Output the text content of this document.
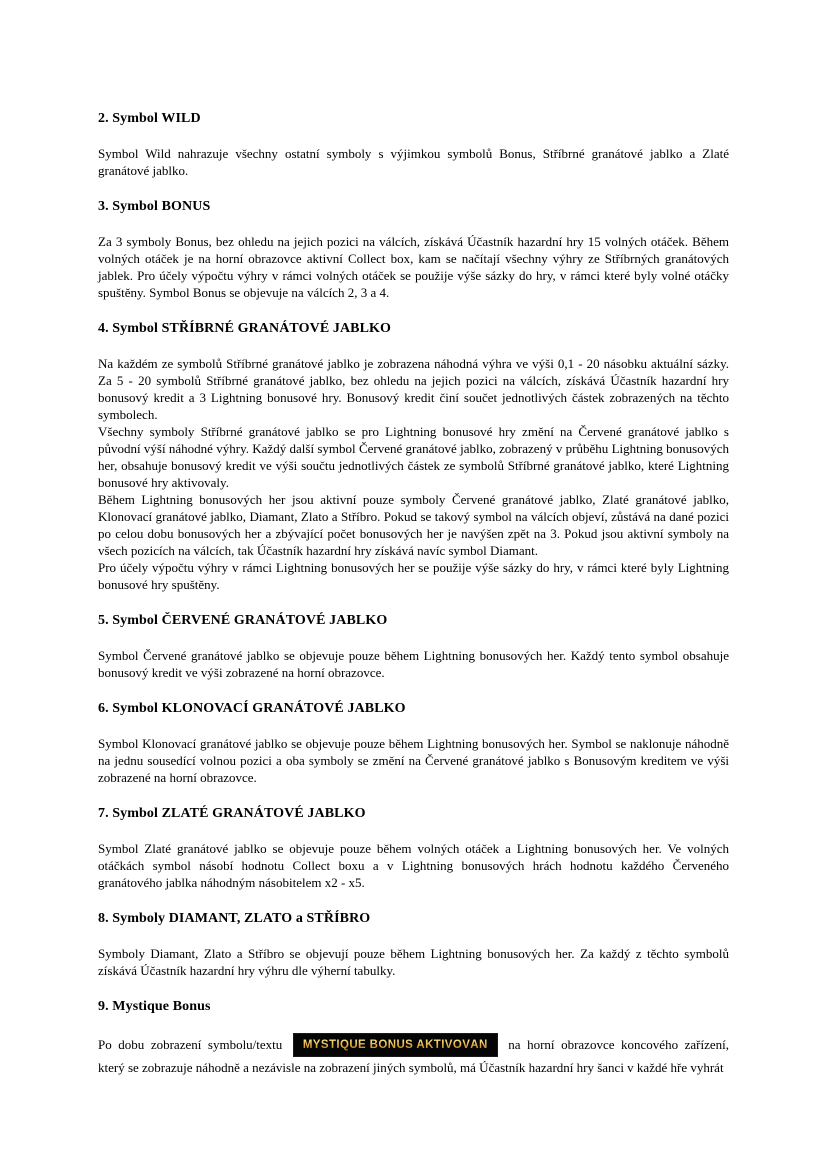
2. Symbol WILD
Symbol Wild nahrazuje všechny ostatní symboly s výjimkou symbolů Bonus, Stříbrné granátové jablko a Zlaté granátové jablko.
3. Symbol BONUS
Za 3 symboly Bonus, bez ohledu na jejich pozici na válcích, získává Účastník hazardní hry 15 volných otáček. Během volných otáček je na horní obrazovce aktivní Collect box, kam se načítají všechny výhry ze Stříbrných granátových jablek. Pro účely výpočtu výhry v rámci volných otáček se použije výše sázky do hry, v rámci které byly volné otáčky spuštěny. Symbol Bonus se objevuje na válcích 2, 3 a 4.
4. Symbol STŘÍBRNÉ GRANÁTOVÉ JABLKO
Na každém ze symbolů Stříbrné granátové jablko je zobrazena náhodná výhra ve výši 0,1 - 20 násobku aktuální sázky. Za 5 - 20 symbolů Stříbrné granátové jablko, bez ohledu na jejich pozici na válcích, získává Účastník hazardní hry bonusový kredit a 3 Lightning bonusové hry. Bonusový kredit činí součet jednotlivých částek zobrazených na těchto symbolech.
Všechny symboly Stříbrné granátové jablko se pro Lightning bonusové hry změní na Červené granátové jablko s původní výší náhodné výhry. Každý další symbol Červené granátové jablko, zobrazený v průběhu Lightning bonusových her, obsahuje bonusový kredit ve výši součtu jednotlivých částek ze symbolů Stříbrné granátové jablko, které Lightning bonusové hry aktivovaly.
Během Lightning bonusových her jsou aktivní pouze symboly Červené granátové jablko, Zlaté granátové jablko, Klonovací granátové jablko, Diamant, Zlato a Stříbro. Pokud se takový symbol na válcích objeví, zůstává na dané pozici po celou dobu bonusových her a zbývající počet bonusových her je navýšen zpět na 3. Pokud jsou aktivní symboly na všech pozicích na válcích, tak Účastník hazardní hry získává navíc symbol Diamant.
Pro účely výpočtu výhry v rámci Lightning bonusových her se použije výše sázky do hry, v rámci které byly Lightning bonusové hry spuštěny.
5. Symbol ČERVENÉ GRANÁTOVÉ JABLKO
Symbol Červené granátové jablko se objevuje pouze během Lightning bonusových her. Každý tento symbol obsahuje bonusový kredit ve výši zobrazené na horní obrazovce.
6. Symbol KLONOVACÍ GRANÁTOVÉ JABLKO
Symbol Klonovací granátové jablko se objevuje pouze během Lightning bonusových her. Symbol se naklonuje náhodně na jednu sousedící volnou pozici a oba symboly se změní na Červené granátové jablko s Bonusovým kreditem ve výši zobrazené na horní obrazovce.
7. Symbol ZLATÉ GRANÁTOVÉ JABLKO
Symbol Zlaté granátové jablko se objevuje pouze během volných otáček a Lightning bonusových her. Ve volných otáčkách symbol násobí hodnotu Collect boxu a v Lightning bonusových hrách hodnotu každého Červeného granátového jablka náhodným násobitelem x2 - x5.
8. Symboly DIAMANT, ZLATO a STŘÍBRO
Symboly Diamant, Zlato a Stříbro se objevují pouze během Lightning bonusových her. Za každý z těchto symbolů získává Účastník hazardní hry výhru dle výherní tabulky.
9. Mystique Bonus
Po dobu zobrazení symbolu/textu MYSTIQUE BONUS AKTIVOVÁN na horní obrazovce koncového zařízení, který se zobrazuje náhodně a nezávisle na zobrazení jiných symbolů, má Účastník hazardní hry šanci v každé hře vyhrát
